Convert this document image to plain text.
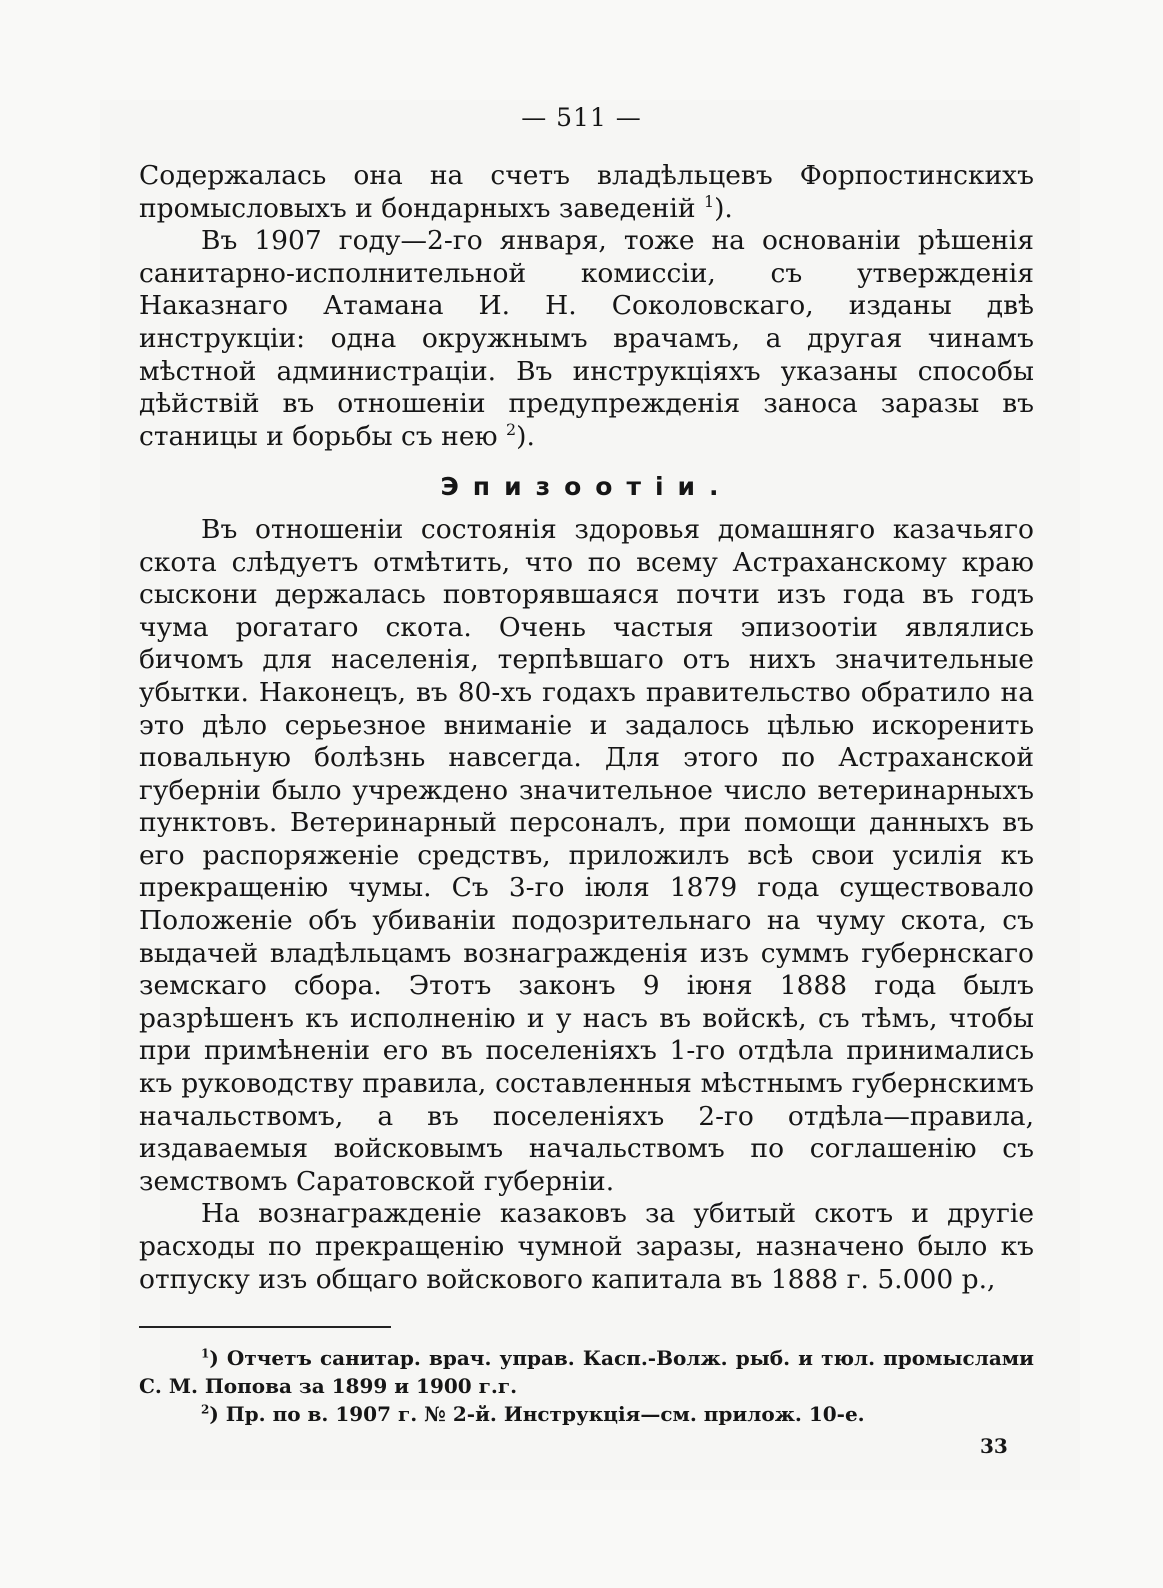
— 511 —

Содержалась она на счетъ владѣльцевъ Форпостинскихъ промысловыхъ и бондарныхъ заведеній $^1$).

Въ 1907 году—2-го января, тоже на основаніи рѣшенія санитарно-исполнительной комиссіи, съ утвержденія Наказнаго Атамана И. Н. Соколовскаго, изданы двѣ инструкціи: одна окружнымъ врачамъ, а другая чинамъ мѣстной администраціи. Въ инструкціяхъ указаны способы дѣйствій въ отношеніи предупрежденія заноса заразы въ станицы и борьбы съ нею $^2$).

Эпизоотіи.

Въ отношеніи состоянія здоровья домашняго казачьяго скота слѣдуетъ отмѣтить, что по всему Астраханскому краю сыскони держалась повторявшаяся почти изъ года въ годъ чума рогатаго скота. Очень частыя эпизоотіи являлись бичомъ для населенія, терпѣвшаго отъ нихъ значительные убытки. Наконецъ, въ 80-хъ годахъ правительство обратило на это дѣло серьезное вниманіе и задалось цѣлью искоренить повальную болѣзнь навсегда. Для этого по Астраханской губерніи было учреждено значительное число ветеринарныхъ пунктовъ. Ветеринарный персоналъ, при помощи данныхъ въ его распоряженіе средствъ, приложилъ всѣ свои усилія къ прекращенію чумы. Съ 3-го іюля 1879 года существовало Положеніе объ убиваніи подозрительнаго на чуму скота, съ выдачей владѣльцамъ вознагражденія изъ суммъ губернскаго земскаго сбора. Этотъ законъ 9 іюня 1888 года былъ разрѣшенъ къ исполненію и у насъ въ войскѣ, съ тѣмъ, чтобы при примѣненіи его въ поселеніяхъ 1-го отдѣла принимались къ руководству правила, составленныя мѣстнымъ губернскимъ начальствомъ, а въ поселеніяхъ 2-го отдѣла—правила, издаваемыя войсковымъ начальствомъ по соглашенію съ земствомъ Саратовской губерніи.

На вознагражденіе казаковъ за убитый скотъ и другіе расходы по прекращенію чумной заразы, назначено было къ отпуску изъ общаго войскового капитала въ 1888 г. 5.000 р.,

$^1$) Отчетъ санитар. врач. управ. Касп.-Волж. рыб. и тюл. промыслами С. М. Попова за 1899 и 1900 г.г.

$^2$) Пр. по в. 1907 г. № 2-й. Инструкція—см. прилож. 10-е.

33
